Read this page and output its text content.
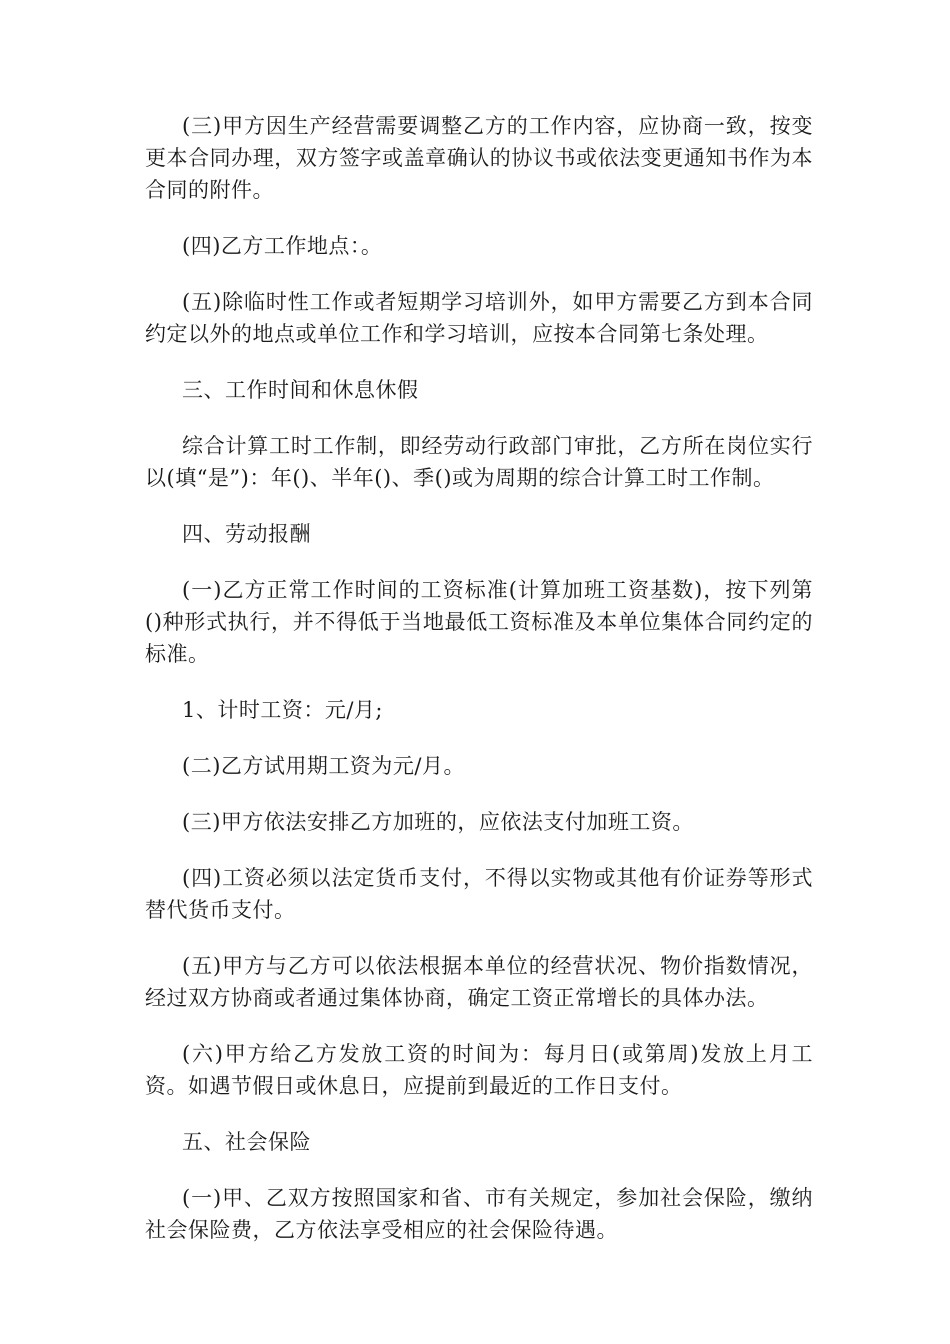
(三)甲方因生产经营需要调整乙方的工作内容，应协商一致，按变更本合同办理，双方签字或盖章确认的协议书或依法变更通知书作为本合同的附件。

(四)乙方工作地点：。

(五)除临时性工作或者短期学习培训外，如甲方需要乙方到本合同约定以外的地点或单位工作和学习培训，应按本合同第七条处理。

三、工作时间和休息休假

综合计算工时工作制，即经劳动行政部门审批，乙方所在岗位实行以(填“是”)：年()、半年()、季()或为周期的综合计算工时工作制。

四、劳动报酬

(一)乙方正常工作时间的工资标准(计算加班工资基数)，按下列第()种形式执行，并不得低于当地最低工资标准及本单位集体合同约定的标准。

1、计时工资：元/月;

(二)乙方试用期工资为元/月。

(三)甲方依法安排乙方加班的，应依法支付加班工资。

(四)工资必须以法定货币支付，不得以实物或其他有价证券等形式替代货币支付。

(五)甲方与乙方可以依法根据本单位的经营状况、物价指数情况，经过双方协商或者通过集体协商，确定工资正常增长的具体办法。

(六)甲方给乙方发放工资的时间为：每月日(或第周)发放上月工资。如遇节假日或休息日，应提前到最近的工作日支付。

五、社会保险

(一)甲、乙双方按照国家和省、市有关规定，参加社会保险，缴纳社会保险费，乙方依法享受相应的社会保险待遇。
